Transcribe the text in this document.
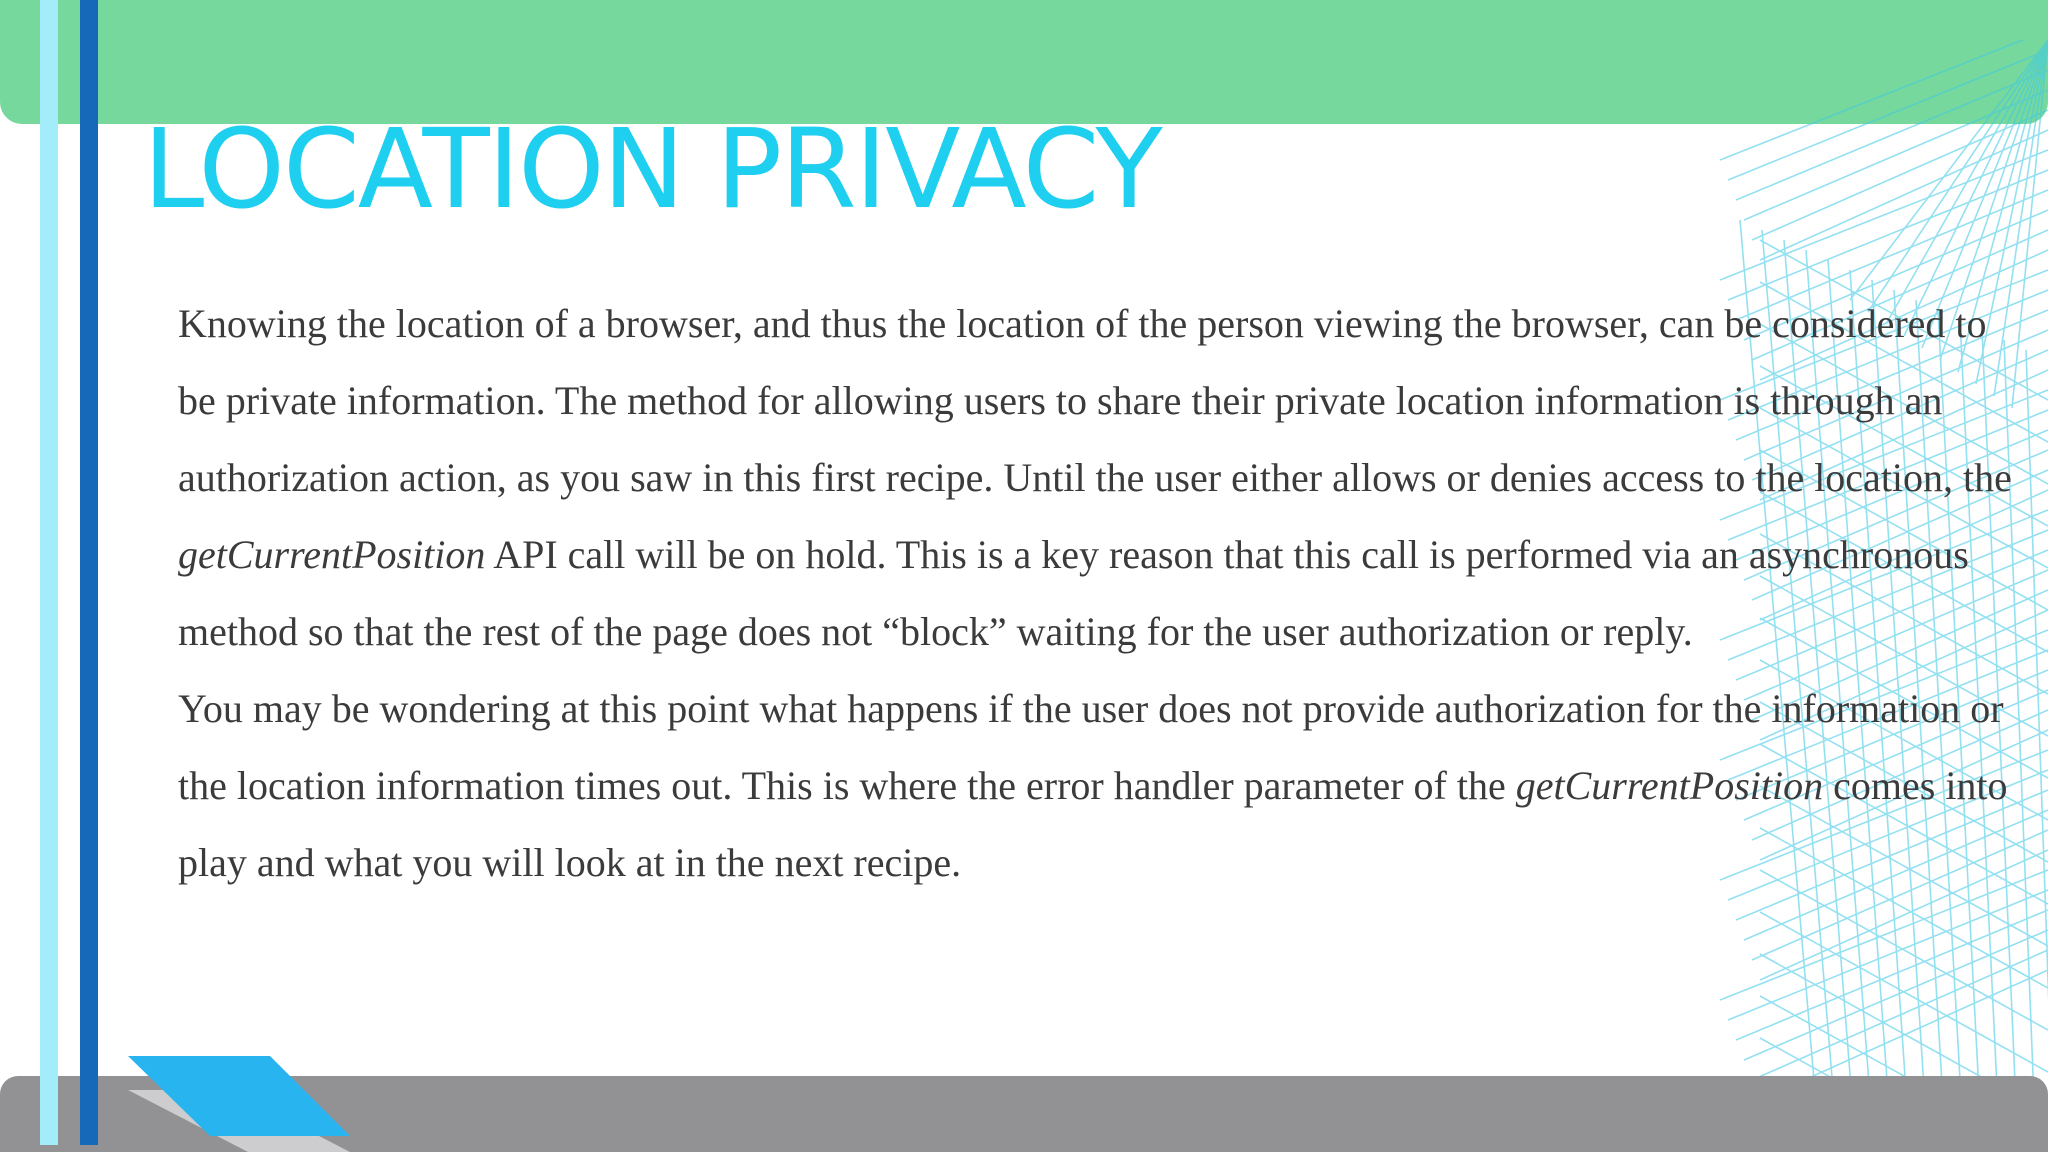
LOCATION PRIVACY

Knowing the location of a browser, and thus the location of the person viewing the browser, can be considered to be private information. The method for allowing users to share their private location information is through an authorization action, as you saw in this first recipe. Until the user either allows or denies access to the location, the getCurrentPosition API call will be on hold. This is a key reason that this call is performed via an asynchronous method so that the rest of the page does not “block” waiting for the user authorization or reply.

You may be wondering at this point what happens if the user does not provide authorization for the information or the location information times out. This is where the error handler parameter of the getCurrentPosition comes into play and what you will look at in the next recipe.
